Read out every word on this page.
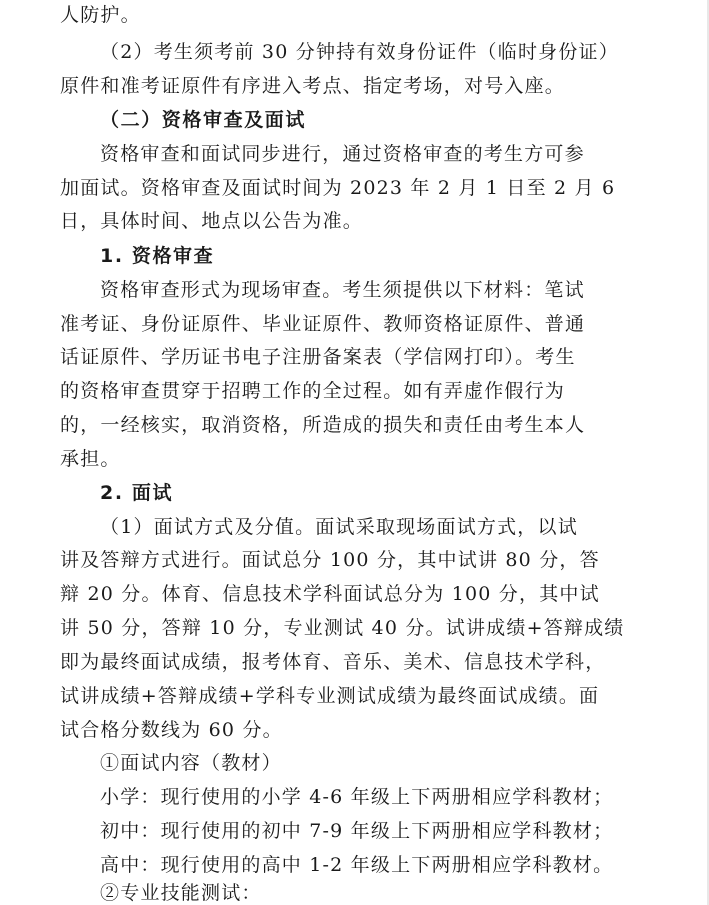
人防护。
（2）考生须考前 30 分钟持有效身份证件（临时身份证）
原件和准考证原件有序进入考点、指定考场，对号入座。
（二）资格审查及面试
资格审查和面试同步进行，通过资格审查的考生方可参
加面试。资格审查及面试时间为 2023 年 2 月 1 日至 2 月 6
日，具体时间、地点以公告为准。
1. 资格审查
资格审查形式为现场审查。考生须提供以下材料：笔试
准考证、身份证原件、毕业证原件、教师资格证原件、普通
话证原件、学历证书电子注册备案表（学信网打印）。考生
的资格审查贯穿于招聘工作的全过程。如有弄虚作假行为
的，一经核实，取消资格，所造成的损失和责任由考生本人
承担。
2. 面试
（1）面试方式及分值。面试采取现场面试方式，以试
讲及答辩方式进行。面试总分 100 分，其中试讲 80 分，答
辩 20 分。体育、信息技术学科面试总分为 100 分，其中试
讲 50 分，答辩 10 分，专业测试 40 分。试讲成绩+答辩成绩
即为最终面试成绩，报考体育、音乐、美术、信息技术学科，
试讲成绩+答辩成绩+学科专业测试成绩为最终面试成绩。面
试合格分数线为 60 分。
①面试内容（教材）
小学：现行使用的小学 4-6 年级上下两册相应学科教材；
初中：现行使用的初中 7-9 年级上下两册相应学科教材；
高中：现行使用的高中 1-2 年级上下两册相应学科教材。
②专业技能测试：
